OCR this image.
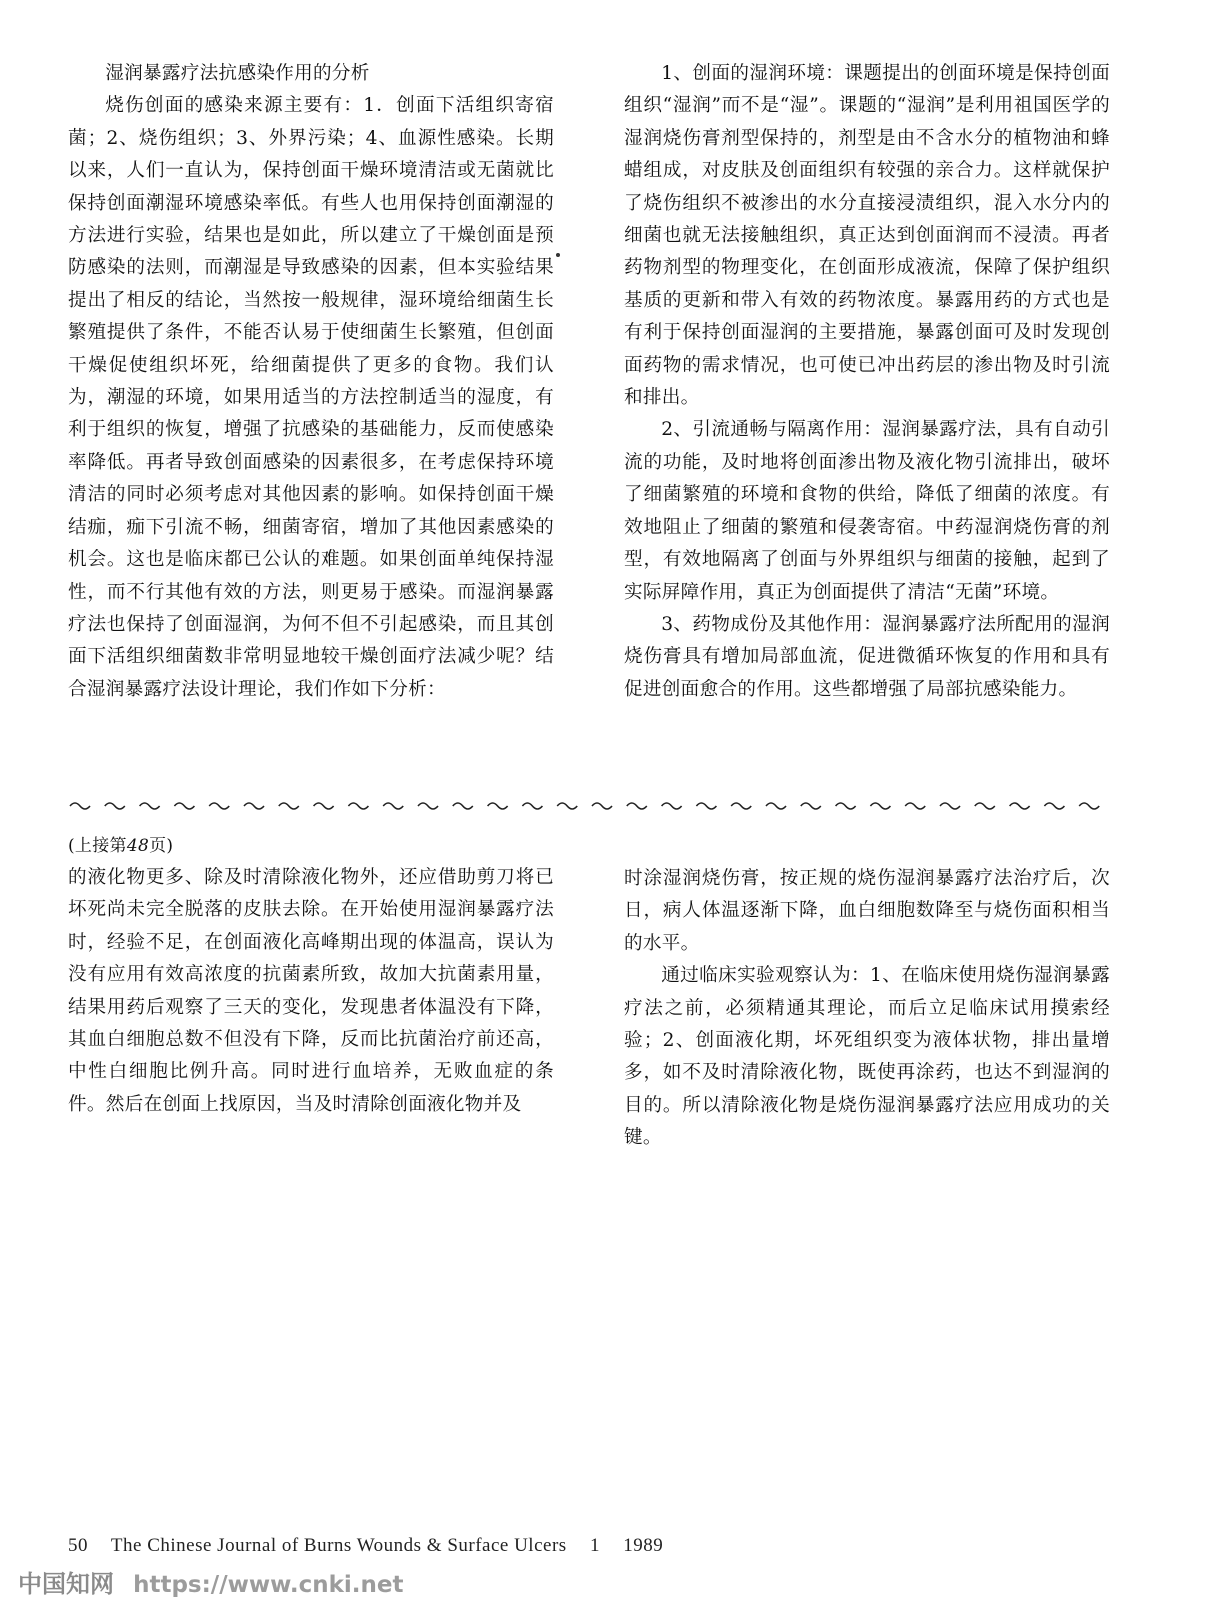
湿润暴露疗法抗感染作用的分析

烧伤创面的感染来源主要有：1．创面下活组织寄宿菌；2、烧伤组织；3、外界污染；4、血源性感染。长期以来，人们一直认为，保持创面干燥环境清洁或无菌就比保持创面潮湿环境感染率低。有些人也用保持创面潮湿的方法进行实验，结果也是如此，所以建立了干燥创面是预防感染的法则，而潮湿是导致感染的因素，但本实验结果提出了相反的结论，当然按一般规律，湿环境给细菌生长繁殖提供了条件，不能否认易于使细菌生长繁殖，但创面干燥促使组织坏死，给细菌提供了更多的食物。我们认为，潮湿的环境，如果用适当的方法控制适当的湿度，有利于组织的恢复，增强了抗感染的基础能力，反而使感染率降低。再者导致创面感染的因素很多，在考虑保持环境清洁的同时必须考虑对其他因素的影响。如保持创面干燥结痂，痂下引流不畅，细菌寄宿，增加了其他因素感染的机会。这也是临床都已公认的难题。如果创面单纯保持湿性，而不行其他有效的方法，则更易于感染。而湿润暴露疗法也保持了创面湿润，为何不但不引起感染，而且其创面下活组织细菌数非常明显地较干燥创面疗法减少呢？结合湿润暴露疗法设计理论，我们作如下分析：

1、创面的湿润环境：课题提出的创面环境是保持创面组织“湿润”而不是“湿”。课题的“湿润”是利用祖国医学的湿润烧伤膏剂型保持的，剂型是由不含水分的植物油和蜂蜡组成，对皮肤及创面组织有较强的亲合力。这样就保护了烧伤组织不被渗出的水分直接浸渍组织，混入水分内的细菌也就无法接触组织，真正达到创面润而不浸渍。再者药物剂型的物理变化，在创面形成液流，保障了保护组织基质的更新和带入有效的药物浓度。暴露用药的方式也是有利于保持创面湿润的主要措施，暴露创面可及时发现创面药物的需求情况，也可使已冲出药层的渗出物及时引流和排出。

2、引流通畅与隔离作用：湿润暴露疗法，具有自动引流的功能，及时地将创面渗出物及液化物引流排出，破坏了细菌繁殖的环境和食物的供给，降低了细菌的浓度。有效地阻止了细菌的繁殖和侵袭寄宿。中药湿润烧伤膏的剂型，有效地隔离了创面与外界组织与细菌的接触，起到了实际屏障作用，真正为创面提供了清洁“无菌”环境。

3、药物成份及其他作用：湿润暴露疗法所配用的湿润烧伤膏具有增加局部血流，促进微循环恢复的作用和具有促进创面愈合的作用。这些都增强了局部抗感染能力。

(上接第48页)

的液化物更多、除及时清除液化物外，还应借助剪刀将已坏死尚未完全脱落的皮肤去除。在开始使用湿润暴露疗法时，经验不足，在创面液化高峰期出现的体温高，误认为没有应用有效高浓度的抗菌素所致，故加大抗菌素用量，结果用药后观察了三天的变化，发现患者体温没有下降，其血白细胞总数不但没有下降，反而比抗菌治疗前还高，中性白细胞比例升高。同时进行血培养，无败血症的条件。然后在创面上找原因，当及时清除创面液化物并及

时涂湿润烧伤膏，按正规的烧伤湿润暴露疗法治疗后，次日，病人体温逐渐下降，血白细胞数降至与烧伤面积相当的水平。

通过临床实验观察认为：1、在临床使用烧伤湿润暴露疗法之前，必须精通其理论，而后立足临床试用摸索经验；2、创面液化期，坏死组织变为液体状物，排出量增多，如不及时清除液化物，既使再涂药，也达不到湿润的目的。所以清除液化物是烧伤湿润暴露疗法应用成功的关键。

50 The Chinese Journal of Burns Wounds & Surface Ulcers 1 1989
中国知网 https://www.cnki.net
